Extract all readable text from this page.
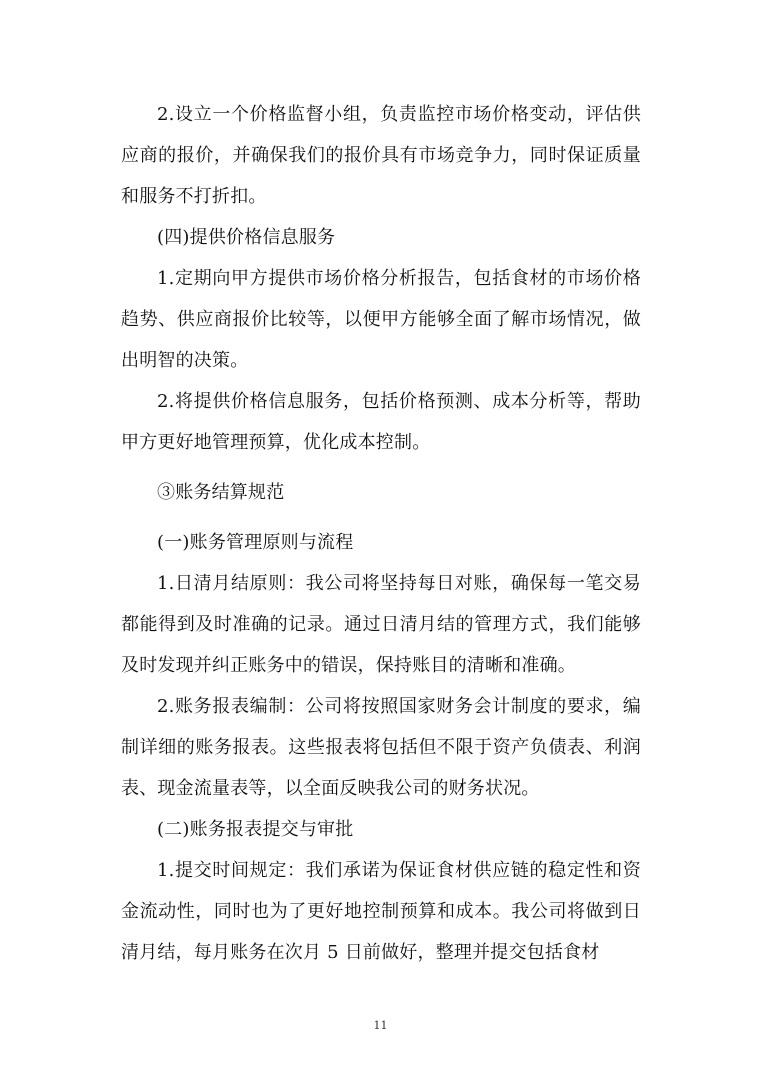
2.设立一个价格监督小组，负责监控市场价格变动，评估供应商的报价，并确保我们的报价具有市场竞争力，同时保证质量和服务不打折扣。

(四)提供价格信息服务

1.定期向甲方提供市场价格分析报告，包括食材的市场价格趋势、供应商报价比较等，以便甲方能够全面了解市场情况，做出明智的决策。

2.将提供价格信息服务，包括价格预测、成本分析等，帮助甲方更好地管理预算，优化成本控制。

③账务结算规范

(一)账务管理原则与流程

1.日清月结原则：我公司将坚持每日对账，确保每一笔交易都能得到及时准确的记录。通过日清月结的管理方式，我们能够及时发现并纠正账务中的错误，保持账目的清晰和准确。

2.账务报表编制：公司将按照国家财务会计制度的要求，编制详细的账务报表。这些报表将包括但不限于资产负债表、利润表、现金流量表等，以全面反映我公司的财务状况。

(二)账务报表提交与审批

1.提交时间规定：我们承诺为保证食材供应链的稳定性和资金流动性，同时也为了更好地控制预算和成本。我公司将做到日清月结，每月账务在次月 5 日前做好，整理并提交包括食材

11
